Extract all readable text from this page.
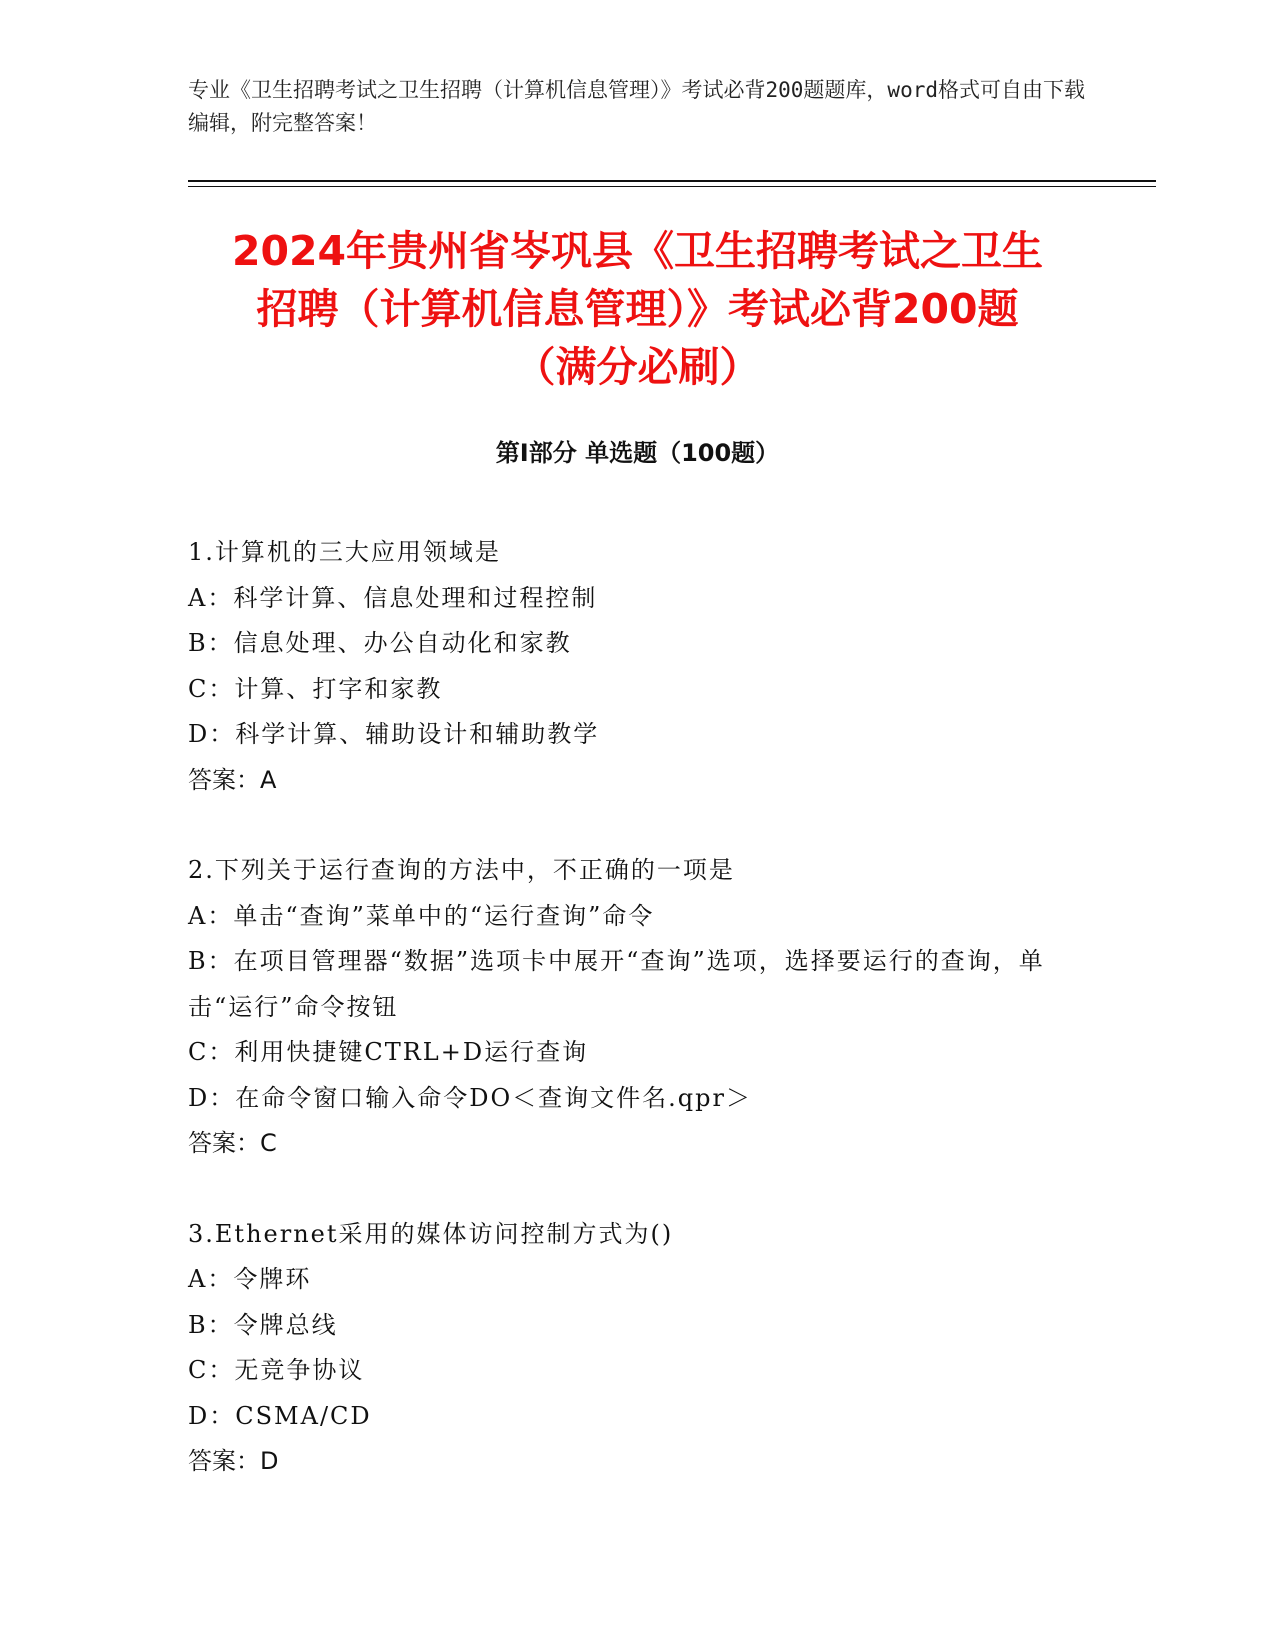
专业《卫生招聘考试之卫生招聘（计算机信息管理）》考试必背200题题库，word格式可自由下载编辑，附完整答案！
2024年贵州省岑巩县《卫生招聘考试之卫生
招聘（计算机信息管理）》考试必背200题
（满分必刷）
第I部分 单选题（100题）

1.计算机的三大应用领域是

A：科学计算、信息处理和过程控制

B：信息处理、办公自动化和家教

C：计算、打字和家教

D：科学计算、辅助设计和辅助教学

答案：A

2.下列关于运行查询的方法中，不正确的一项是

A：单击“查询”菜单中的“运行查询”命令

B：在项目管理器“数据”选项卡中展开“查询”选项，选择要运行的查询，单击“运行”命令按钮

C：利用快捷键CTRL+D运行查询

D：在命令窗口输入命令DO＜查询文件名.qpr＞

答案：C

3.Ethernet采用的媒体访问控制方式为()

A：令牌环

B：令牌总线

C：无竞争协议

D：CSMA/CD

答案：D
